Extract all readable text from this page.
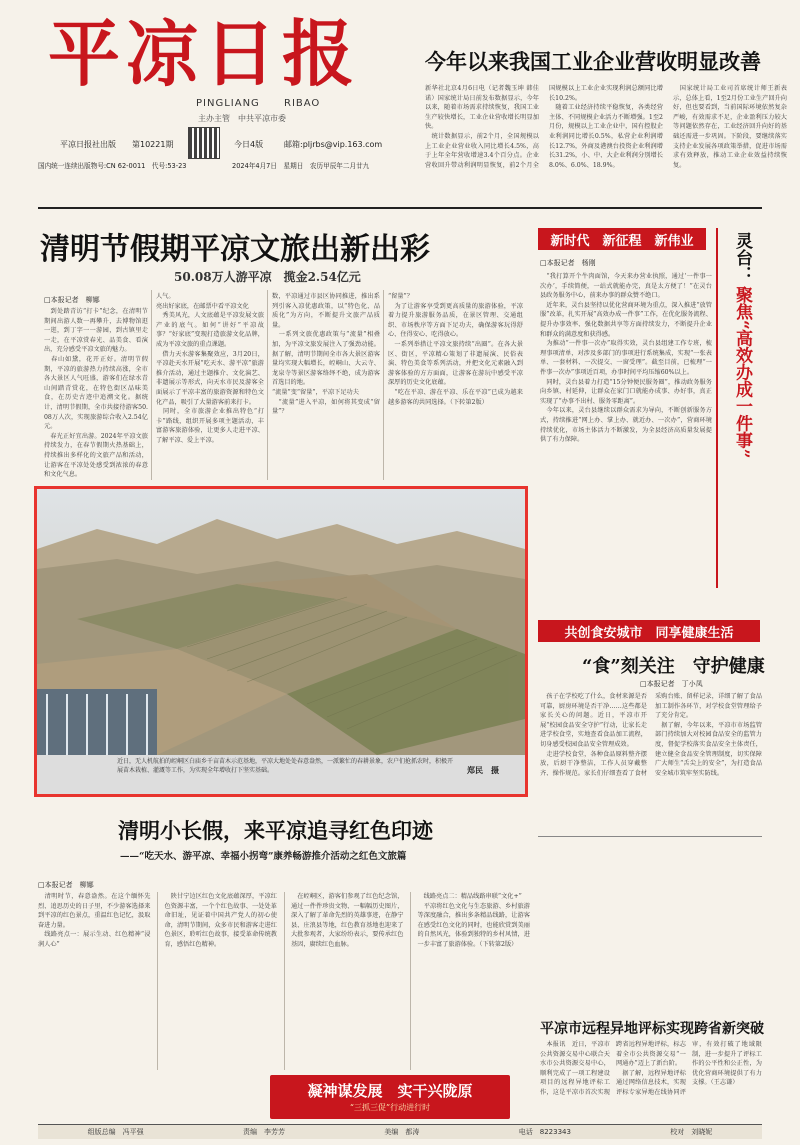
平凉日报
PINGLIANG RIBAO
主办主管　中共平凉市委
平凉日报社出版 第10221期	今日4版	邮箱:pljrbs@vip.163.com
国内统一连续出版物号:CN 62-0011　代号:53-23	2024年4月7日　星期日　农历甲辰年二月廿九
今年以来我国工业企业营收明显改善
新华社北京4月6日电（记者魏玉坤 韩佳诺）国家统计局日前发布数据显示，今年以来，随着市场需求持续恢复，我国工业生产较快增长，工业企业营收增长明显加快。
　统计数据显示，前2个月，全国规模以上工业企业营业收入同比增长4.5%，高于上年全年营收增速3.4个百分点。企业营收回升带动利润明显恢复，前2个月全国规模以上工业企业实现利润总额同比增长10.2%。
　随着工业经济持续平稳恢复，各类经营主体、不同规模企业活力不断增强。1至2月份，规模以上工业企业中，国有控股企业利润同比增长0.5%，私营企业利润增长12.7%，外商及港澳台投资企业利润增长31.2%，小、中、大企业利润分别增长8.0%、6.0%、18.9%。
　国家统计局工业司首席统计师王新表示，总体上看，1至2月份工业生产回升向好，但也要看到，当前国际环境依然复杂严峻，有效需求不足，企业盈利压力较大等问题依然存在，工业经济回升向好的基础还需进一步巩固。下阶段，要继续落实支持企业发展各项政策举措，促进市场需求有效释放，推动工业企业效益持续恢复。
清明节假期平凉文旅出新出彩
50.08万人游平凉　揽金2.54亿元
□本报记者　柳娜
　到处踏青访“打卡”纪念，在清明节期间出游人数一再攀升，去博物馆逛一逛，到丁字一一游园，到古镇里走一走，在平凉赏春光、品美食、看演出，充分感受平凉文旅的魅力。
　春山如黛，花开正好。清明节假期，平凉的旅游热力持续高涨，全市各大景区人气旺盛，游客们在绿水青山间踏青赏花，在特色街区品味美食，在历史古迹中追溯文化。据统计，清明节假期，全市共接待游客50.08万人次，实现旅游综合收入2.54亿元。
　春光正好宜出游。2024年平凉文旅持续发力，在春节假期火热基础上，持续推出多样化的文旅产品和活动，让游客在平凉处处感受到浓浓的春意和文化气息。
人气。
亮出好家底，在邮票中看平凉文化
　秀美风光，人文底蕴是平凉发展文旅产业的底气。如何“讲好”平凉故事？“好家底”变现打造旅游文化品牌，成为平凉文旅的重点课题。
　借力天水游客集聚效应，3月20日，平凉赴天水开展“吃天水、游平凉”旅游推介活动，通过主题推介、文化演艺、非遗展示等形式，向天水市民及游客全面展示了平凉丰富的旅游资源和特色文化产品，吸引了大量游客前来打卡。
　同时，全市旅游企业推出特色“打卡”路线，组织开展多项主题活动，丰富游客旅游体验，让更多人走进平凉、了解平凉、爱上平凉。
数，平凉通过市县区协同推进，推出系列引客入凉优惠政策，以“特色化、品质化”为方向，不断提升文旅产品质量。
　一系列文旅优惠政策与“流量”相叠加，为平凉文旅发展注入了强劲动能。据了解，清明节期间全市各大景区游客量均实现大幅增长，崆峒山、大云寺、龙泉寺等景区游客络绎不绝，成为游客首选目的地。
“流量”变“留量”，平凉下足功夫
　“流量”进入平凉，如何将其变成“留量”？
“留量”？
　为了让游客享受到更高质量的旅游体验，平凉着力提升旅游服务品质，在景区管理、交通组织、市场秩序等方面下足功夫，确保游客玩得舒心、住得安心、吃得放心。
　一系列举措让平凉文旅持续“出圈”。在各大景区、街区，平凉精心策划了非遗展演、民俗表演、特色美食等系列活动，并把文化元素融入到游客体验的方方面面，让游客在游玩中感受平凉深厚的历史文化底蕴。
　“吃在平凉、游在平凉、乐在平凉”已成为越来越多游客的共同选择。（下转第2版）
近日，无人机航拍的崆峒区白庙乡千亩苗木示范基地，平凉大地处处春意盎然，一派繁忙的春耕景象，农户们抢抓农时，积极开展苗木栽植、灌溉等工作，为实现全年增收打下坚实基础。	郑民　摄
清明小长假，来平凉追寻红色印迹
——“吃天水、游平凉、幸福小拐弯”康养畅游推介活动之红色文旅篇
□本报记者　柳娜
　清明时节，春意盎然。在这个缅怀先烈、追思历史的日子里，不少游客选择来到平凉的红色景点，重温红色记忆，汲取奋进力量。
　线路亮点一：展示生动、红色精神“浸润人心”
　陕甘宁边区红色文化底蕴深厚，平凉红色资源丰富，一个个红色故事、一处处革命旧址，见证着中国共产党人的初心使命，清明节期间，众多市民和游客走进红色景区，聆听红色故事，接受革命传统教育，感悟红色精神。
　在崆峒区，游客们参观了红色纪念馆，通过一件件珍贵文物、一幅幅历史图片，深入了解了革命先烈的英雄事迹，在静宁县、庄浪县等地，红色教育基地也迎来了大批参观者，大家纷纷表示，要传承红色基因，赓续红色血脉。
　线路亮点二：精品线路串联“文化+”
　平凉将红色文化与生态旅游、乡村旅游等深度融合，推出多条精品线路，让游客在感受红色文化的同时，也能欣赏到美丽的自然风光，体验到独特的乡村风情，进一步丰富了旅游体验。（下转第2版）
凝神谋发展　实干兴陇原
“三抓三促”行动进行时
新时代　新征程　新伟业	灵台：
聚焦“高效办成一件事”
□本报记者　杨刚
　“我打算开个牛肉面馆，今天来办营业执照，通过‘一件事一次办’，手续简便，一站式就能办完，真是太方便了！”在灵台县政务服务中心，前来办事的群众赞不绝口。
　近年来，灵台县坚持以优化营商环境为重点，深入推进“放管服”改革，扎实开展“高效办成一件事”工作，在优化服务流程、提升办事效率、强化数据共享等方面持续发力，不断提升企业和群众的满意度和获得感。
　为推动“一件事一次办”取得实效，灵台县组建工作专班，梳理事项清单，对涉及多部门的事项进行系统集成，实现“一张表单、一套材料、一次提交、一窗受理”。截至目前，已梳理“一件事一次办”事项近百项，办事时间平均压缩60%以上。
　同时，灵台县着力打造“15分钟便民服务圈”，推动政务服务向乡镇、村延伸，让群众在家门口就能办成事、办好事，真正实现了“办事不出村、服务零距离”。
　今年以来，灵台县继续以群众需求为导向，不断创新服务方式，持续推进“网上办、掌上办、就近办、一次办”，营商环境持续优化，市场主体活力不断激发，为全县经济高质量发展提供了有力保障。
共创食安城市　同享健康生活
“食”刻关注　守护健康
□本报记者　丁小凤
　孩子在学校吃了什么，食材来源是否可靠，厨房环境是否干净……这些都是家长关心的问题。近日，平凉市开展“校园食品安全守护”行动，让家长走进学校食堂，实地查看食品加工流程，切身感受校园食品安全管理成效。
　走进学校食堂，各种食品原料整齐摆放，后厨干净整洁，工作人员穿戴整齐、操作规范。家长们仔细查看了食材采购台账、留样记录，详细了解了食品加工制作各环节，对学校食堂管理给予了充分肯定。
　据了解，今年以来，平凉市市场监管部门持续加大对校园食品安全的监管力度，督促学校落实食品安全主体责任，建立健全食品安全管理制度，切实保障广大师生“舌尖上的安全”，为打造食品安全城市筑牢坚实防线。
平凉市远程异地评标实现跨省新突破
　本报讯　近日，平凉市公共资源交易中心联合天水市公共资源交易中心，顺利完成了一项工程建设项目的远程异地评标工作，这是平凉市首次实现跨省远程异地评标，标志着全市公共资源交易“一网通办”迈上了新台阶。
　据了解，远程异地评标通过网络信息技术，实现评标专家异地在线协同评审，有效打破了地域限制，进一步提升了评标工作的公平性和公正性，为优化营商环境提供了有力支撑。（王志谦）
组版总编　冯平强	责编　李芳芳	美编　都涛	电话　8223343	校对　刘晓妮
